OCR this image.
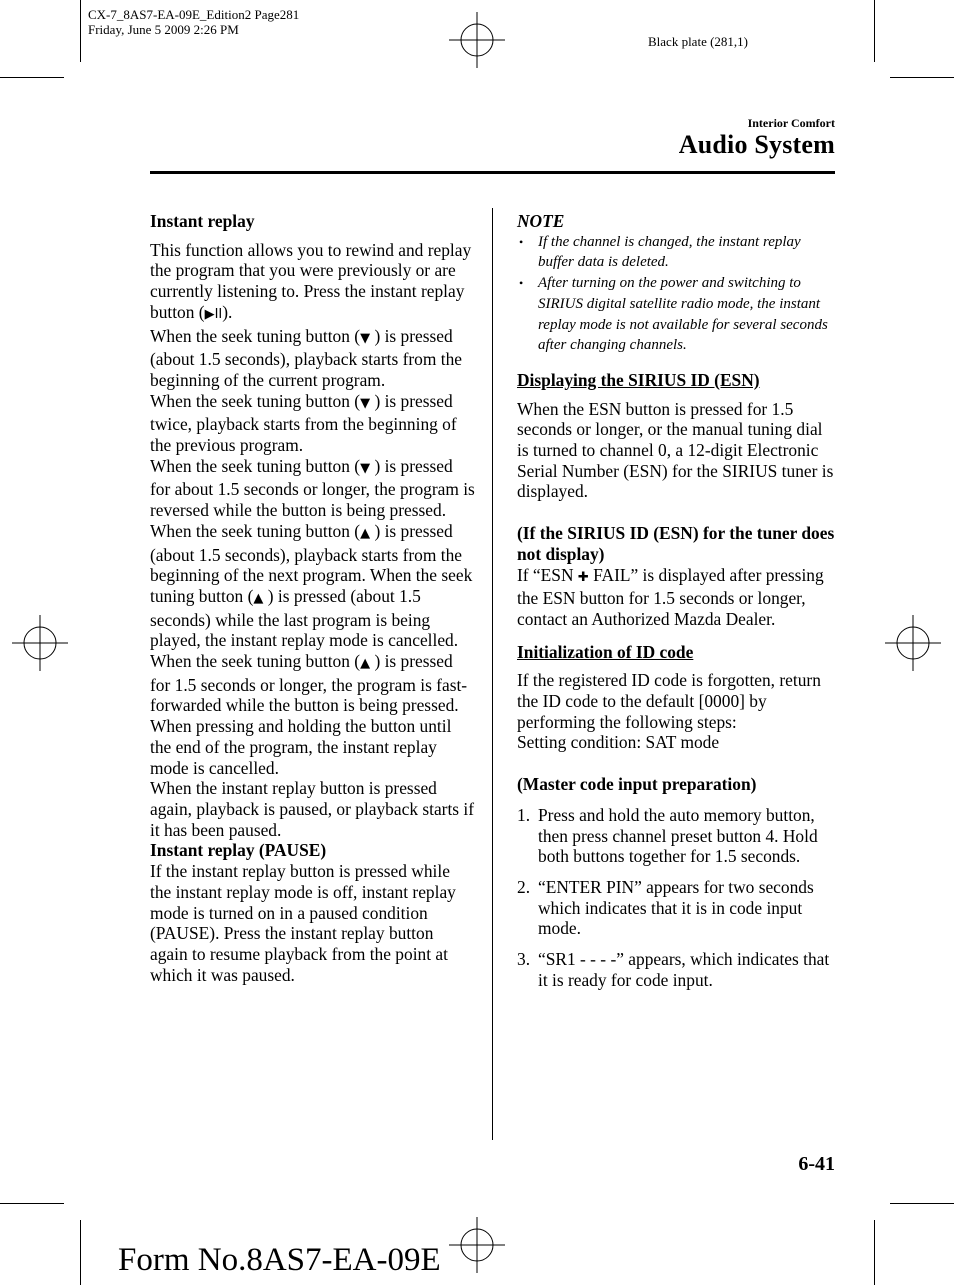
CX-7_8AS7-EA-09E_Edition2 Page281
Friday, June 5 2009 2:26 PM
Black plate (281,1)
Interior Comfort
Audio System

Instant replay

This function allows you to rewind and replay the program that you were previously or are currently listening to. Press the instant replay button (▶II).

When the seek tuning button (▼ ) is pressed (about 1.5 seconds), playback starts from the beginning of the current program.

When the seek tuning button (▼ ) is pressed twice, playback starts from the beginning of the previous program.

When the seek tuning button (▼ ) is pressed for about 1.5 seconds or longer, the program is reversed while the button is being pressed.

When the seek tuning button (▲ ) is pressed (about 1.5 seconds), playback starts from the beginning of the next program. When the seek tuning button (▲ ) is pressed (about 1.5 seconds) while the last program is being played, the instant replay mode is cancelled.

When the seek tuning button (▲ ) is pressed for 1.5 seconds or longer, the program is fast-forwarded while the button is being pressed. When pressing and holding the button until the end of the program, the instant replay mode is cancelled.

When the instant replay button is pressed again, playback is paused, or playback starts if it has been paused.

Instant replay (PAUSE)

If the instant replay button is pressed while the instant replay mode is off, instant replay mode is turned on in a paused condition (PAUSE). Press the instant replay button again to resume playback from the point at which it was paused.

NOTE

• If the channel is changed, the instant replay buffer data is deleted.
• After turning on the power and switching to SIRIUS digital satellite radio mode, the instant replay mode is not available for several seconds after changing channels.

Displaying the SIRIUS ID (ESN)

When the ESN button is pressed for 1.5 seconds or longer, or the manual tuning dial is turned to channel 0, a 12-digit Electronic Serial Number (ESN) for the SIRIUS tuner is displayed.

(If the SIRIUS ID (ESN) for the tuner does not display)

If “ESN ✚ FAIL” is displayed after pressing the ESN button for 1.5 seconds or longer, contact an Authorized Mazda Dealer.

Initialization of ID code

If the registered ID code is forgotten, return the ID code to the default [0000] by performing the following steps:

Setting condition: SAT mode

(Master code input preparation)

1. Press and hold the auto memory button, then press channel preset button 4. Hold both buttons together for 1.5 seconds.
2. “ENTER PIN” appears for two seconds which indicates that it is in code input mode.
3. “SR1 - - - -” appears, which indicates that it is ready for code input.
6-41
Form No.8AS7-EA-09E
